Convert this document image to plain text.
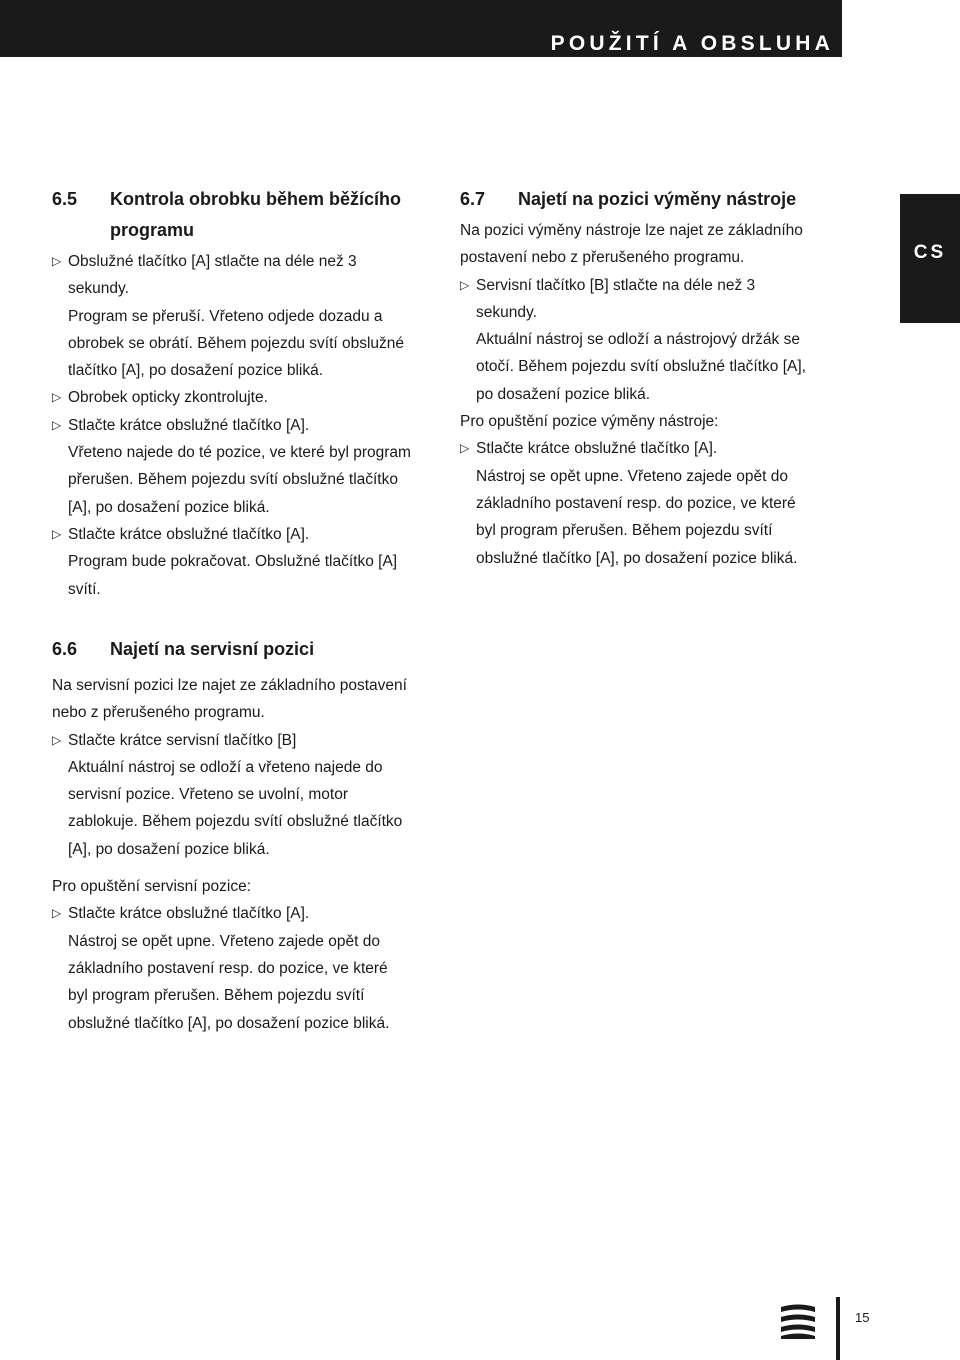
POUŽITÍ A OBSLUHA
CS
6.5	Kontrola obrobku během běžícího programu
▷ Obslužné tlačítko [A] stlačte na déle než 3
sekundy.
Program se přeruší. Vřeteno odjede dozadu a
obrobek se obrátí. Během pojezdu svítí obslužné
tlačítko [A], po dosažení pozice bliká.
▷ Obrobek opticky zkontrolujte.
▷ Stlačte krátce obslužné tlačítko [A].
Vřeteno najede do té pozice, ve které byl program
přerušen. Během pojezdu svítí obslužné tlačítko
[A], po dosažení pozice bliká.
▷ Stlačte krátce obslužné tlačítko [A].
Program bude pokračovat. Obslužné tlačítko [A]
svítí.
6.6	Najetí na servisní pozici
Na servisní pozici lze najet ze základního postavení
nebo z přerušeného programu.
▷ Stlačte krátce servisní tlačítko [B]
Aktuální nástroj se odloží a vřeteno najede do
servisní pozice. Vřeteno se uvolní, motor
zablokuje. Během pojezdu svítí obslužné tlačítko
[A], po dosažení pozice bliká.
Pro opuštění servisní pozice:
▷ Stlačte krátce obslužné tlačítko [A].
Nástroj se opět upne. Vřeteno zajede opět do
základního postavení resp. do pozice, ve které
byl program přerušen. Během pojezdu svítí
obslužné tlačítko [A], po dosažení pozice bliká.
6.7	Najetí na pozici výměny nástroje
Na pozici výměny nástroje lze najet ze základního
postavení nebo z přerušeného programu.
▷ Servisní tlačítko [B] stlačte na déle než 3
sekundy.
Aktuální nástroj se odloží a nástrojový držák se
otočí. Během pojezdu svítí obslužné tlačítko [A],
po dosažení pozice bliká.
Pro opuštění pozice výměny nástroje:
▷ Stlačte krátce obslužné tlačítko [A].
Nástroj se opět upne. Vřeteno zajede opět do
základního postavení resp. do pozice, ve které
byl program přerušen. Během pojezdu svítí
obslužné tlačítko [A], po dosažení pozice bliká.
15
